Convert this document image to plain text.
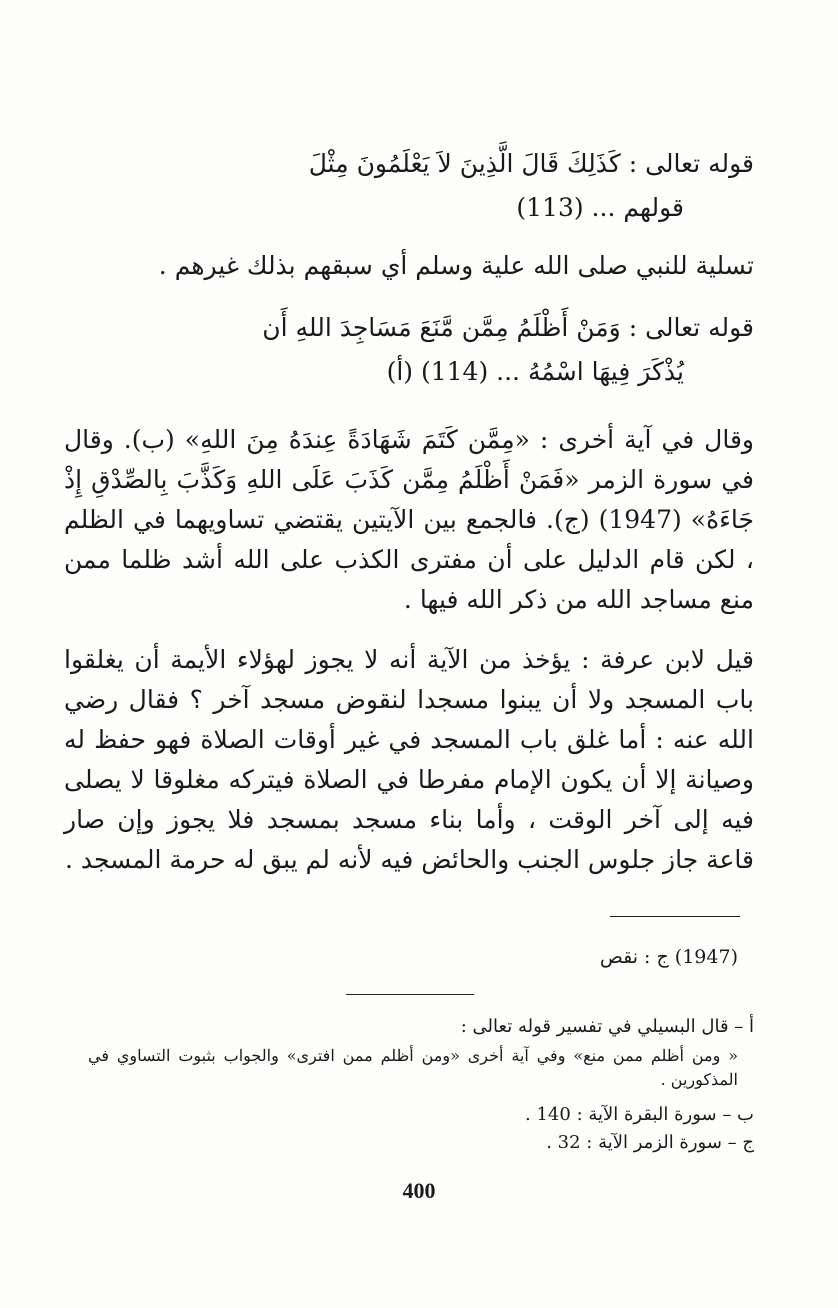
قوله تعالى : كَذَلِكَ قَالَ الَّذِينَ لاَ يَعْلَمُونَ مِثْلَ
قولهم ... (113)

تسلية للنبي صلى الله علية وسلم أي سبقهم بذلك غيرهم .

قوله تعالى : وَمَنْ أَظْلَمُ مِمَّن مَّنَعَ مَسَاجِدَ اللهِ أَن
يُذْكَرَ فِيهَا اسْمُهُ ... (114) (أ)

وقال في آية أخرى : «مِمَّن كَتَمَ شَهَادَةً عِندَهُ مِنَ اللهِ» (ب). وقال في سورة الزمر «فَمَنْ أَظْلَمُ مِمَّن كَذَبَ عَلَى اللهِ وَكَذَّبَ بِالصِّدْقِ إِذْ جَاءَهُ» (1947) (ج). فالجمع بين الآيتين يقتضي تساويهما في الظلم ، لكن قام الدليل على أن مفترى الكذب على الله أشد ظلما ممن منع مساجد الله من ذكر الله فيها .

قيل لابن عرفة : يؤخذ من الآية أنه لا يجوز لهؤلاء الأيمة أن يغلقوا باب المسجد ولا أن يبنوا مسجدا لنقوض مسجد آخر ؟ فقال رضي الله عنه : أما غلق باب المسجد في غير أوقات الصلاة فهو حفظ له وصيانة إلا أن يكون الإمام مفرطا في الصلاة فيتركه مغلوقا لا يصلى فيه إلى آخر الوقت ، وأما بناء مسجد بمسجد فلا يجوز وإن صار قاعة جاز جلوس الجنب والحائض فيه لأنه لم يبق له حرمة المسجد .

(1947) ج : نقص
أ – قال البسيلي في تفسير قوله تعالى :
« ومن أظلم ممن منع» وفي آية أخرى «ومن أظلم ممن افترى» والجواب بثبوت التساوي في المذكورين .
ب – سورة البقرة الآية : 140 .
ج – سورة الزمر الآية : 32 .
400
